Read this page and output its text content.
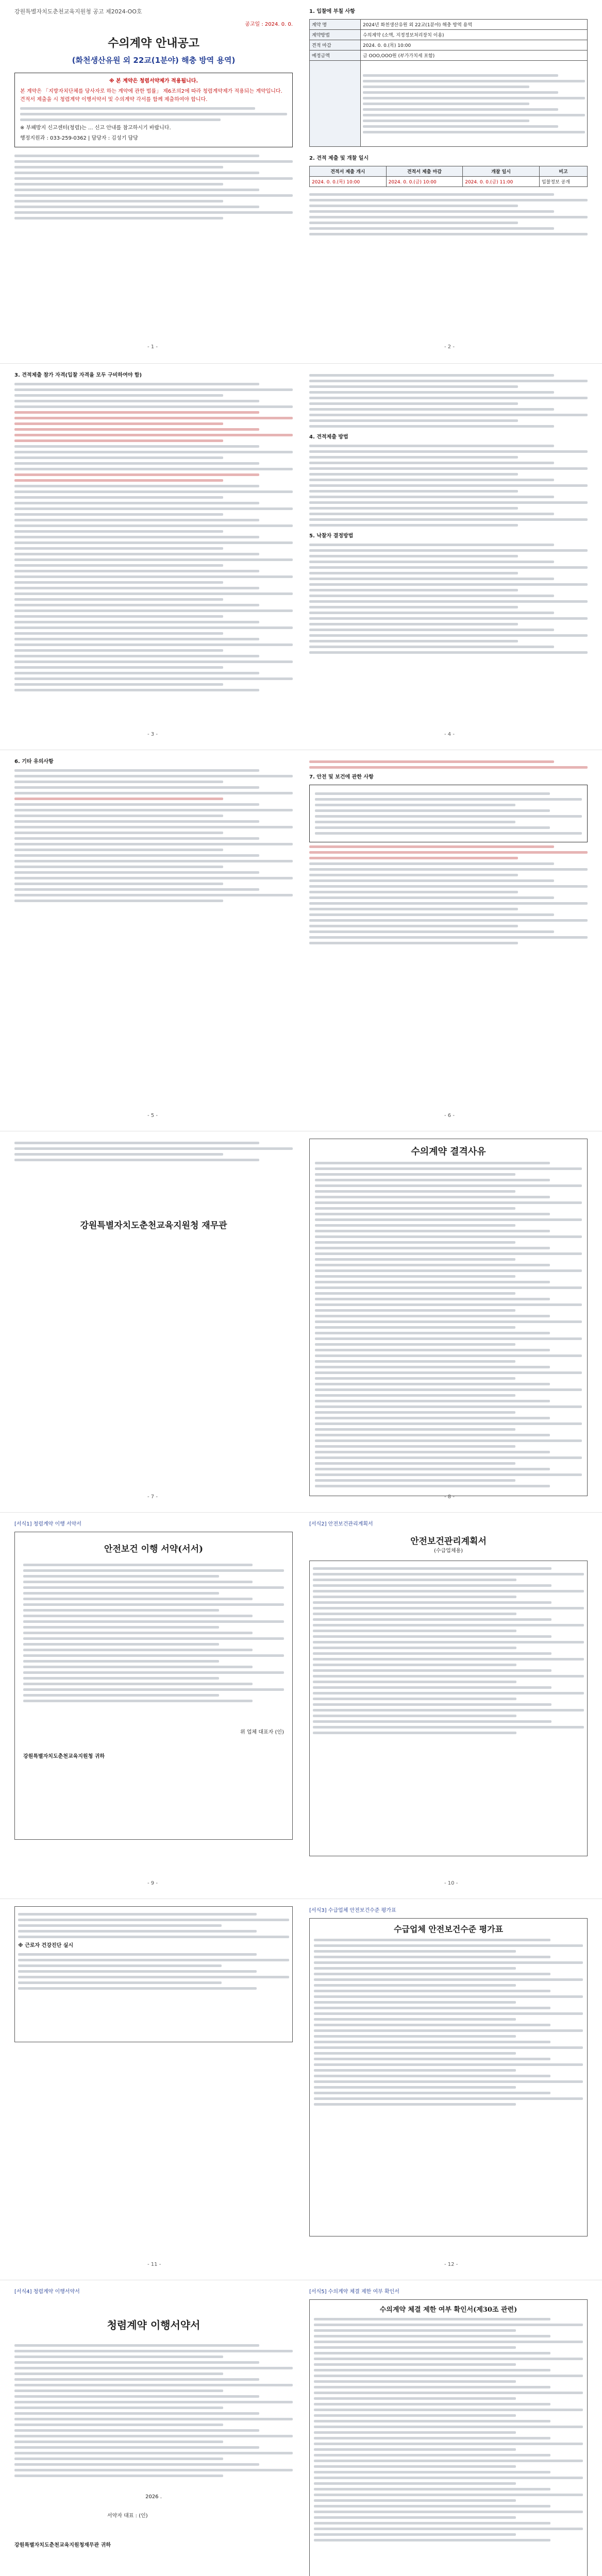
강원특별자치도춘천교육지원청 공고 제2024-OO호
공고일 : 2024. 0. 0.
수의계약 안내공고
(화천생산유원 외 22교(1분야) 해충 방역 용역)
※ 본 계약은 청렴서약제가 적용됩니다.
본 계약은 「지방자치단체를 당사자로 하는 계약에 관한 법률」 제6조의2에 따라 청렴계약제가 적용되는 계약입니다. 견적서 제출을 시 청렴계약 이행서약서 및 수의계약 각서를 함께 제출하여야 합니다.
※ 부패방지 신고센터(청렴)는 ... 신고 안내를 참고하시기 바랍니다.
행정지원과 : 033-259-0362 | 담당자 : 김성기 담당
1. 입찰에 부칠 사항
계약 명	2024년 화천생산유원 외 22교(1분야) 해충 방역 용역
계약방법	수의계약 (소액, 지정정보처리장치 이용)
견적 마감	2024. 0. 0.(목) 10:00
예정금액	금 OOO,OOO원 (부가가치세 포함)

2. 견적 제출 및 개찰 일시
견적서 제출 개시	견적서 제출 마감	개찰 일시	비고
2024. 0. 0.(목) 10:00	2024. 0. 0.(금) 10:00	2024. 0. 0.(금) 11:00	입찰정보 공개
- 1 -	- 2 -
3. 견적제출 참가 자격(입찰 자격을 모두 구비하여야 함)
4. 견적제출 방법
5. 낙찰자 결정방법
- 3 -	- 4 -
6. 기타 유의사항
7. 안전 및 보건에 관한 사항
- 5 -	- 6 -
강원특별자치도춘천교육지원청 재무관
수의계약 결격사유
- 7 -	- 8 -
[서식1] 청렴계약 이행 서약서
안전보건 이행 서약(서서)
위 업체 대표자 (인)
강원특별자치도춘천교육지원청 귀하
[서식2] 안전보건관리계획서
안전보건관리계획서
(수급업체용)
- 9 -	- 10 -
※ 근로자 건강진단 실시
[서식3] 수급업체 안전보건수준 평가표
수급업체 안전보건수준 평가표
- 11 -	- 12 -
[서식4] 청렴계약 이행서약서
청렴계약 이행서약서
2026 .
서약자 대표 : (인)
강원특별자치도춘천교육지원청재무관 귀하
[서식5] 수의계약 체결 제한 여부 확인서
수의계약 체결 제한 여부 확인서(제30조 관련)
